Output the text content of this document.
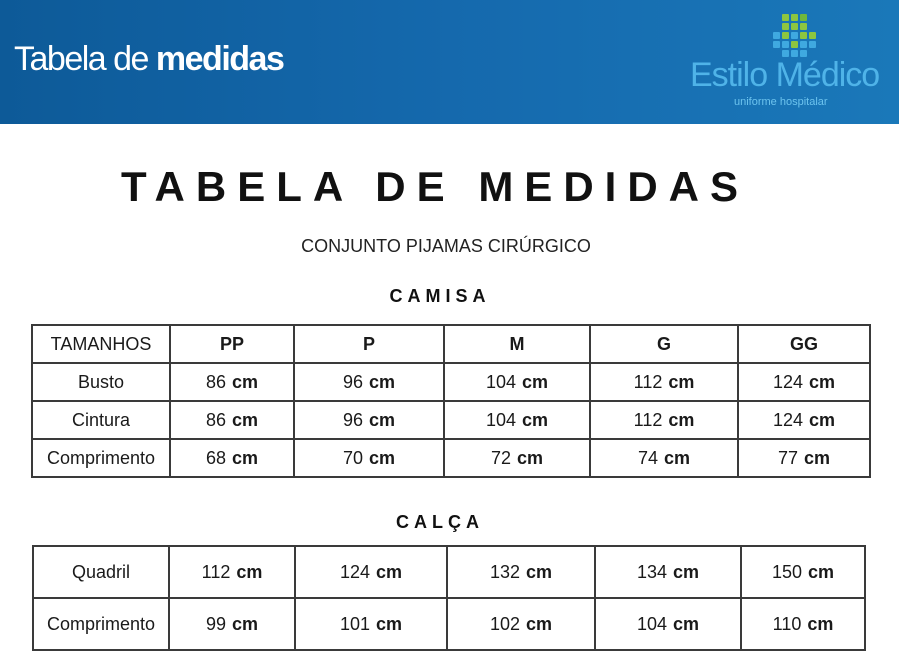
Tabela de medidas	Estilo Médico
uniforme hospitalar
TABELA DE MEDIDAS
CONJUNTO PIJAMAS CIRÚRGICO
CAMISA
TAMANHOS	PP	P	M	G	GG
Busto	86 cm	96 cm	104 cm	112 cm	124 cm
Cintura	86 cm	96 cm	104 cm	112 cm	124 cm
Comprimento	68 cm	70 cm	72 cm	74 cm	77 cm
CALÇA
Quadril	112 cm	124 cm	132 cm	134 cm	150 cm
Comprimento	99 cm	101 cm	102 cm	104 cm	110 cm
